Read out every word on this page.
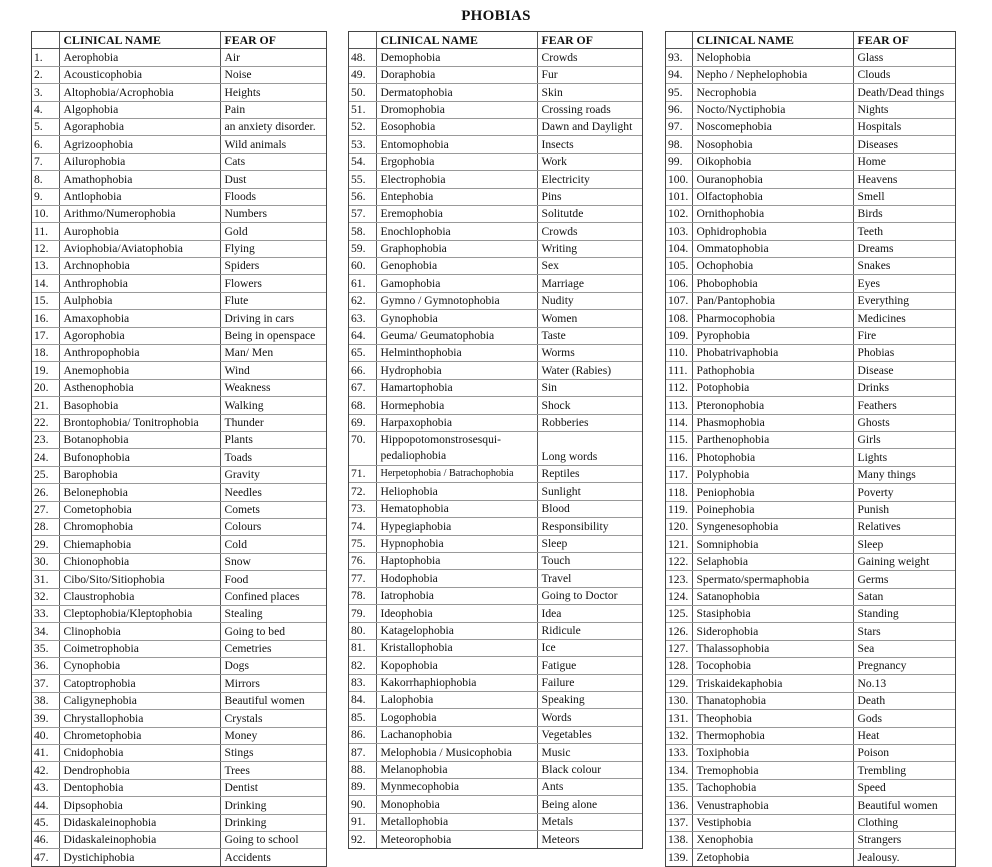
PHOBIAS
	CLINICAL NAME	FEAR OF
1.	Aerophobia	Air
2.	Acousticophobia	Noise
3.	Altophobia/Acrophobia	Heights
4.	Algophobia	Pain
5.	Agoraphobia	an anxiety disorder.
6.	Agrizoophobia	Wild animals
7.	Ailurophobia	Cats
8.	Amathophobia	Dust
9.	Antlophobia	Floods
10.	Arithmo/Numerophobia	Numbers
11.	Aurophobia	Gold
12.	Aviophobia/Aviatophobia	Flying
13.	Archnophobia	Spiders
14.	Anthrophobia	Flowers
15.	Aulphobia	Flute
16.	Amaxophobia	Driving in cars
17.	Agorophobia	Being in openspace
18.	Anthropophobia	Man/ Men
19.	Anemophobia	Wind
20.	Asthenophobia	Weakness
21.	Basophobia	Walking
22.	Brontophobia/ Tonitrophobia	Thunder
23.	Botanophobia	Plants
24.	Bufonophobia	Toads
25.	Barophobia	Gravity
26.	Belonephobia	Needles
27.	Cometophobia	Comets
28.	Chromophobia	Colours
29.	Chiemaphobia	Cold
30.	Chionophobia	Snow
31.	Cibo/Sito/Sitiophobia	Food
32.	Claustrophobia	Confined places
33.	Cleptophobia/Kleptophobia	Stealing
34.	Clinophobia	Going to bed
35.	Coimetrophobia	Cemetries
36.	Cynophobia	Dogs
37.	Catoptrophobia	Mirrors
38.	Caligynephobia	Beautiful women
39.	Chrystallophobia	Crystals
40.	Chrometophobia	Money
41.	Cnidophobia	Stings
42.	Dendrophobia	Trees
43.	Dentophobia	Dentist
44.	Dipsophobia	Drinking
45.	Didaskaleinophobia	Drinking
46.	Didaskaleinophobia	Going to school
47.	Dystichiphobia	Accidents
	CLINICAL NAME	FEAR OF
48.	Demophobia	Crowds
49.	Doraphobia	Fur
50.	Dermatophobia	Skin
51.	Dromophobia	Crossing roads
52.	Eosophobia	Dawn and Daylight
53.	Entomophobia	Insects
54.	Ergophobia	Work
55.	Electrophobia	Electricity
56.	Entephobia	Pins
57.	Eremophobia	Solitutde
58.	Enochlophobia	Crowds
59.	Graphophobia	Writing
60.	Genophobia	Sex
61.	Gamophobia	Marriage
62.	Gymno / Gymnotophobia	Nudity
63.	Gynophobia	Women
64.	Geuma/ Geumatophobia	Taste
65.	Helminthophobia	Worms
66.	Hydrophobia	Water (Rabies)
67.	Hamartophobia	Sin
68.	Hormephobia	Shock
69.	Harpaxophobia	Robberies
70.	Hippopotomonstrosesqui-pedaliophobia	Long words
71.	Herpetophobia / Batrachophobia	Reptiles
72.	Heliophobia	Sunlight
73.	Hematophobia	Blood
74.	Hypegiaphobia	Responsibility
75.	Hypnophobia	Sleep
76.	Haptophobia	Touch
77.	Hodophobia	Travel
78.	Iatrophobia	Going to Doctor
79.	Ideophobia	Idea
80.	Katagelophobia	Ridicule
81.	Kristallophobia	Ice
82.	Kopophobia	Fatigue
83.	Kakorrhaphiophobia	Failure
84.	Lalophobia	Speaking
85.	Logophobia	Words
86.	Lachanophobia	Vegetables
87.	Melophobia / Musicophobia	Music
88.	Melanophobia	Black colour
89.	Mynmecophobia	Ants
90.	Monophobia	Being alone
91.	Metallophobia	Metals
92.	Meteorophobia	Meteors
	CLINICAL NAME	FEAR OF
93.	Nelophobia	Glass
94.	Nepho / Nephelophobia	Clouds
95.	Necrophobia	Death/Dead things
96.	Nocto/Nyctiphobia	Nights
97.	Noscomephobia	Hospitals
98.	Nosophobia	Diseases
99.	Oikophobia	Home
100.	Ouranophobia	Heavens
101.	Olfactophobia	Smell
102.	Ornithophobia	Birds
103.	Ophidrophobia	Teeth
104.	Ommatophobia	Dreams
105.	Ochophobia	Snakes
106.	Phobophobia	Eyes
107.	Pan/Pantophobia	Everything
108.	Pharmocophobia	Medicines
109.	Pyrophobia	Fire
110.	Phobatrivaphobia	Phobias
111.	Pathophobia	Disease
112.	Potophobia	Drinks
113.	Pteronophobia	Feathers
114.	Phasmophobia	Ghosts
115.	Parthenophobia	Girls
116.	Photophobia	Lights
117.	Polyphobia	Many things
118.	Peniophobia	Poverty
119.	Poinephobia	Punish
120.	Syngenesophobia	Relatives
121.	Somniphobia	Sleep
122.	Selaphobia	Gaining weight
123.	Spermato/spermaphobia	Germs
124.	Satanophobia	Satan
125.	Stasiphobia	Standing
126.	Siderophobia	Stars
127.	Thalassophobia	Sea
128.	Tocophobia	Pregnancy
129.	Triskaidekaphobia	No.13
130.	Thanatophobia	Death
131.	Theophobia	Gods
132.	Thermophobia	Heat
133.	Toxiphobia	Poison
134.	Tremophobia	Trembling
135.	Tachophobia	Speed
136.	Venustraphobia	Beautiful women
137.	Vestiphobia	Clothing
138.	Xenophobia	Strangers
139.	Zetophobia	Jealousy.
